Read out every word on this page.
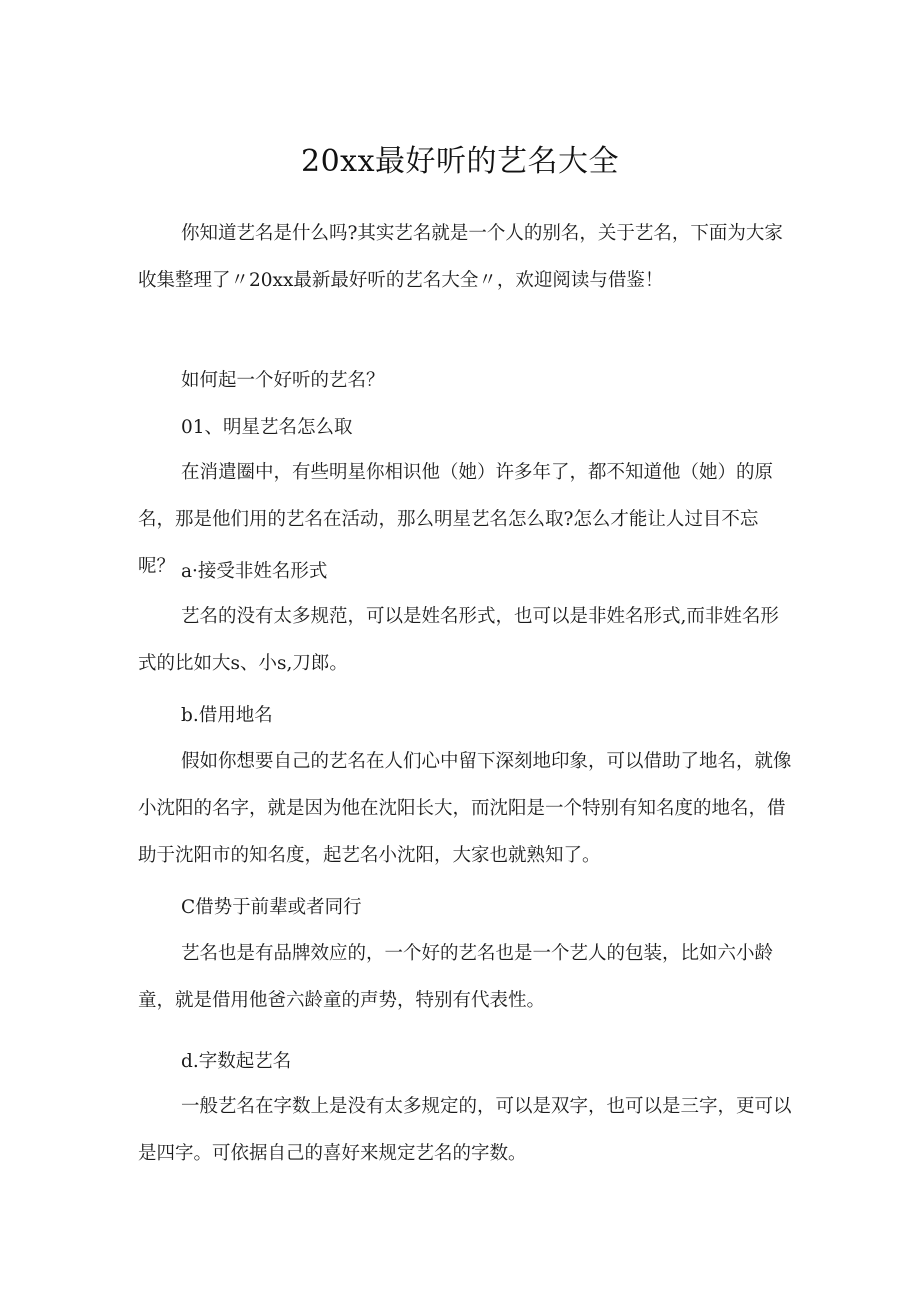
20xx最好听的艺名大全

你知道艺名是什么吗?其实艺名就是一个人的别名，关于艺名，下面为大家收集整理了〃20xx最新最好听的艺名大全〃，欢迎阅读与借鉴！

如何起一个好听的艺名？

01、明星艺名怎么取

在消遣圈中，有些明星你相识他（她）许多年了，都不知道他（她）的原名，那是他们用的艺名在活动，那么明星艺名怎么取?怎么才能让人过目不忘呢？ a·接受非姓名形式

艺名的没有太多规范，可以是姓名形式，也可以是非姓名形式,而非姓名形式的比如大s、小s,刀郎。

b.借用地名

假如你想要自己的艺名在人们心中留下深刻地印象，可以借助了地名，就像小沈阳的名字，就是因为他在沈阳长大，而沈阳是一个特别有知名度的地名，借助于沈阳市的知名度，起艺名小沈阳，大家也就熟知了。

C借势于前辈或者同行

艺名也是有品牌效应的，一个好的艺名也是一个艺人的包装，比如六小龄童，就是借用他爸六龄童的声势，特别有代表性。

d.字数起艺名

一般艺名在字数上是没有太多规定的，可以是双字，也可以是三字，更可以是四字。可依据自己的喜好来规定艺名的字数。
